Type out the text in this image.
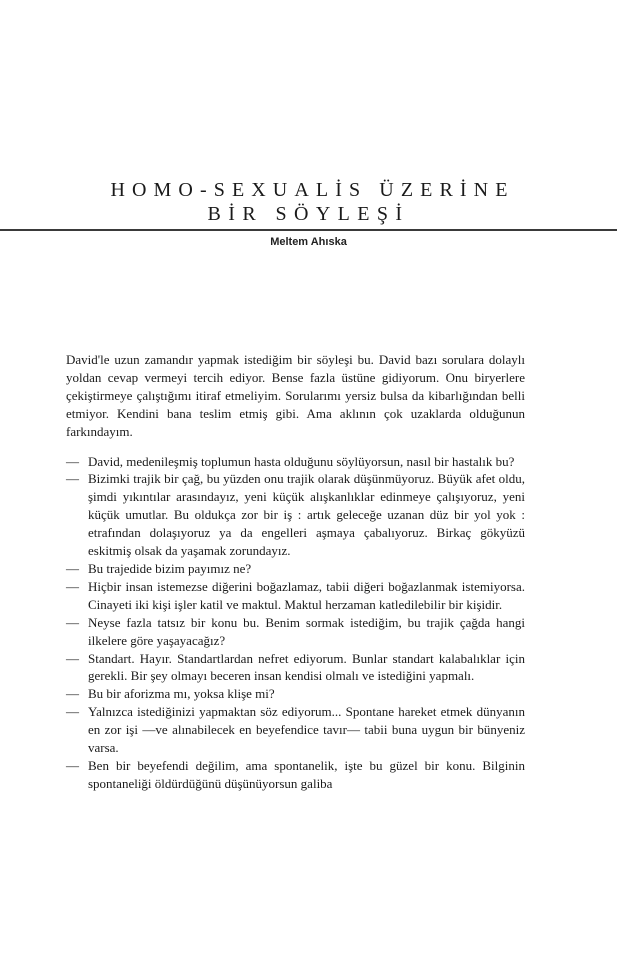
HOMO-SEXUALİS ÜZERİNE
BİR SÖYLEŞİ
Meltem Ahıska

David'le uzun zamandır yapmak istediğim bir söyleşi bu. David bazı sorulara dolaylı yoldan cevap vermeyi tercih ediyor. Bense fazla üstüne gidiyorum. Onu biryerlere çekiştirmeye çalıştığımı itiraf etmeliyim. Sorularımı yersiz bulsa da kibarlığından belli etmiyor. Kendini bana teslim etmiş gibi. Ama aklının çok uzaklarda olduğunun farkındayım.

— David, medenileşmiş toplumun hasta olduğunu söylüyorsun, nasıl bir hastalık bu?
— Bizimki trajik bir çağ, bu yüzden onu trajik olarak düşünmüyoruz. Büyük afet oldu, şimdi yıkıntılar arasındayız, yeni küçük alışkanlıklar edinmeye çalışıyoruz, yeni küçük umutlar. Bu oldukça zor bir iş : artık geleceğe uzanan düz bir yol yok : etrafından dolaşıyoruz ya da engelleri aşmaya çabalıyoruz. Birkaç gökyüzü eskitmiş olsak da yaşamak zorundayız.
— Bu trajedide bizim payımız ne?
— Hiçbir insan istemezse diğerini boğazlamaz, tabii diğeri boğazlanmak istemiyorsa. Cinayeti iki kişi işler katil ve maktul. Maktul herzaman katledilebilir bir kişidir.
— Neyse fazla tatsız bir konu bu. Benim sormak istediğim, bu trajik çağda hangi ilkelere göre yaşayacağız?
— Standart. Hayır. Standartlardan nefret ediyorum. Bunlar standart kalabalıklar için gerekli. Bir şey olmayı beceren insan kendisi olmalı ve istediğini yapmalı.
— Bu bir aforizma mı, yoksa klişe mi?
— Yalnızca istediğinizi yapmaktan söz ediyorum... Spontane hareket etmek dünyanın en zor işi —ve alınabilecek en beyefendice tavır— tabii buna uygun bir bünyeniz varsa.
— Ben bir beyefendi değilim, ama spontanelik, işte bu güzel bir konu. Bilginin spontaneliği öldürdüğünü düşünüyorsun galiba
